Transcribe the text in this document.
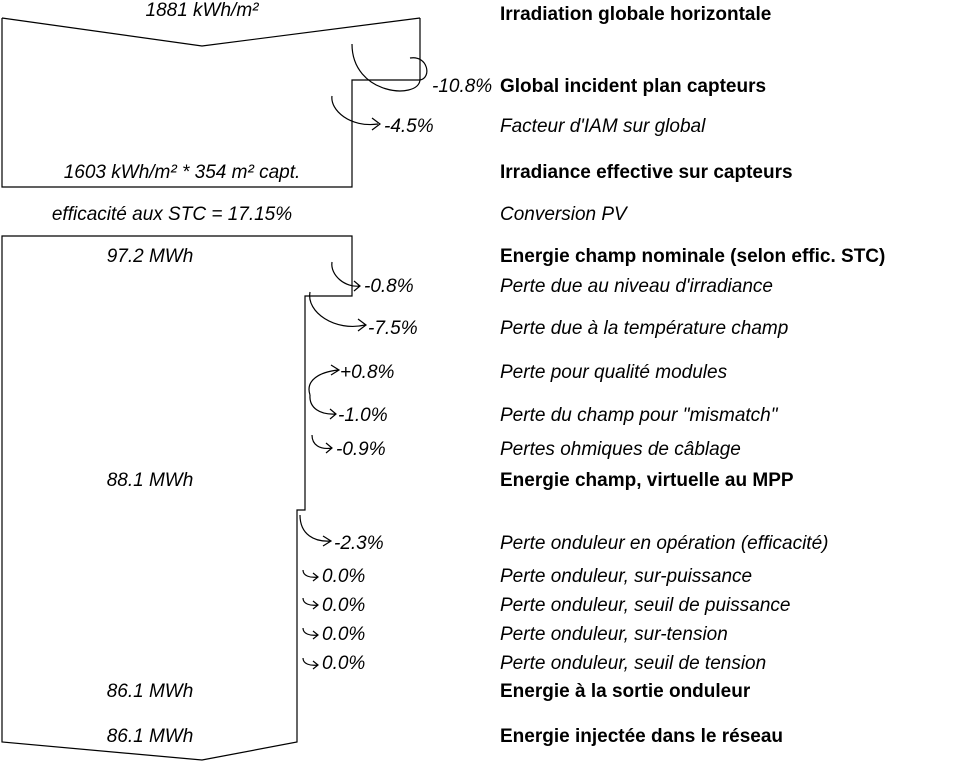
1881 kWh/m²
1603 kWh/m² * 354 m² capt.
efficacité aux STC = 17.15%
97.2 MWh
88.1 MWh
86.1 MWh
86.1 MWh
-10.8%
-4.5%
-0.8%
-7.5%
+0.8%
-1.0%
-0.9%
-2.3%
0.0%
0.0%
0.0%
0.0%
Irradiation globale horizontale
Global incident plan capteurs
Facteur d'IAM sur global
Irradiance effective sur capteurs
Conversion PV
Energie champ nominale (selon effic. STC)
Perte due au niveau d'irradiance
Perte due à la température champ
Perte pour qualité modules
Perte du champ pour "mismatch"
Pertes ohmiques de câblage
Energie champ, virtuelle au MPP
Perte onduleur en opération (efficacité)
Perte onduleur, sur-puissance
Perte onduleur, seuil de puissance
Perte onduleur, sur-tension
Perte onduleur, seuil de tension
Energie à la sortie onduleur
Energie injectée dans le réseau
